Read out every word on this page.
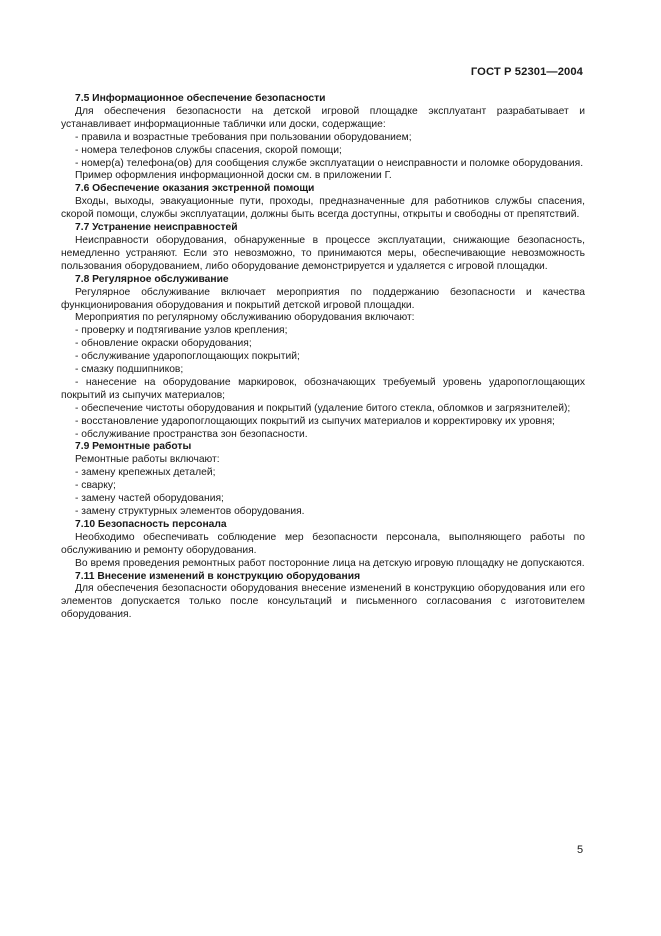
ГОСТ Р 52301—2004

7.5 Информационное обеспечение безопасности

Для обеспечения безопасности на детской игровой площадке эксплуатант разрабатывает и устанавливает информационные таблички или доски, содержащие:

- правила и возрастные требования при пользовании оборудованием;

- номера телефонов службы спасения, скорой помощи;

- номер(а) телефона(ов) для сообщения службе эксплуатации о неисправности и поломке оборудования.

Пример оформления информационной доски см. в приложении Г.

7.6 Обеспечение оказания экстренной помощи

Входы, выходы, эвакуационные пути, проходы, предназначенные для работников службы спасения, скорой помощи, службы эксплуатации, должны быть всегда доступны, открыты и свободны от препятствий.

7.7 Устранение неисправностей

Неисправности оборудования, обнаруженные в процессе эксплуатации, снижающие безопасность, немедленно устраняют. Если это невозможно, то принимаются меры, обеспечивающие невозможность пользования оборудованием, либо оборудование демонстрируется и удаляется с игровой площадки.

7.8 Регулярное обслуживание

Регулярное обслуживание включает мероприятия по поддержанию безопасности и качества функционирования оборудования и покрытий детской игровой площадки.

Мероприятия по регулярному обслуживанию оборудования включают:

- проверку и подтягивание узлов крепления;

- обновление окраски оборудования;

- обслуживание ударопоглощающих покрытий;

- смазку подшипников;

- нанесение на оборудование маркировок, обозначающих требуемый уровень ударопоглощающих покрытий из сыпучих материалов;

- обеспечение чистоты оборудования и покрытий (удаление битого стекла, обломков и загрязнителей);

- восстановление ударопоглощающих покрытий из сыпучих материалов и корректировку их уровня;

- обслуживание пространства зон безопасности.

7.9 Ремонтные работы

Ремонтные работы включают:

- замену крепежных деталей;

- сварку;

- замену частей оборудования;

- замену структурных элементов оборудования.

7.10 Безопасность персонала

Необходимо обеспечивать соблюдение мер безопасности персонала, выполняющего работы по обслуживанию и ремонту оборудования.

Во время проведения ремонтных работ посторонние лица на детскую игровую площадку не допускаются.

7.11 Внесение изменений в конструкцию оборудования

Для обеспечения безопасности оборудования внесение изменений в конструкцию оборудования или его элементов допускается только после консультаций и письменного согласования с изготовителем оборудования.

5
